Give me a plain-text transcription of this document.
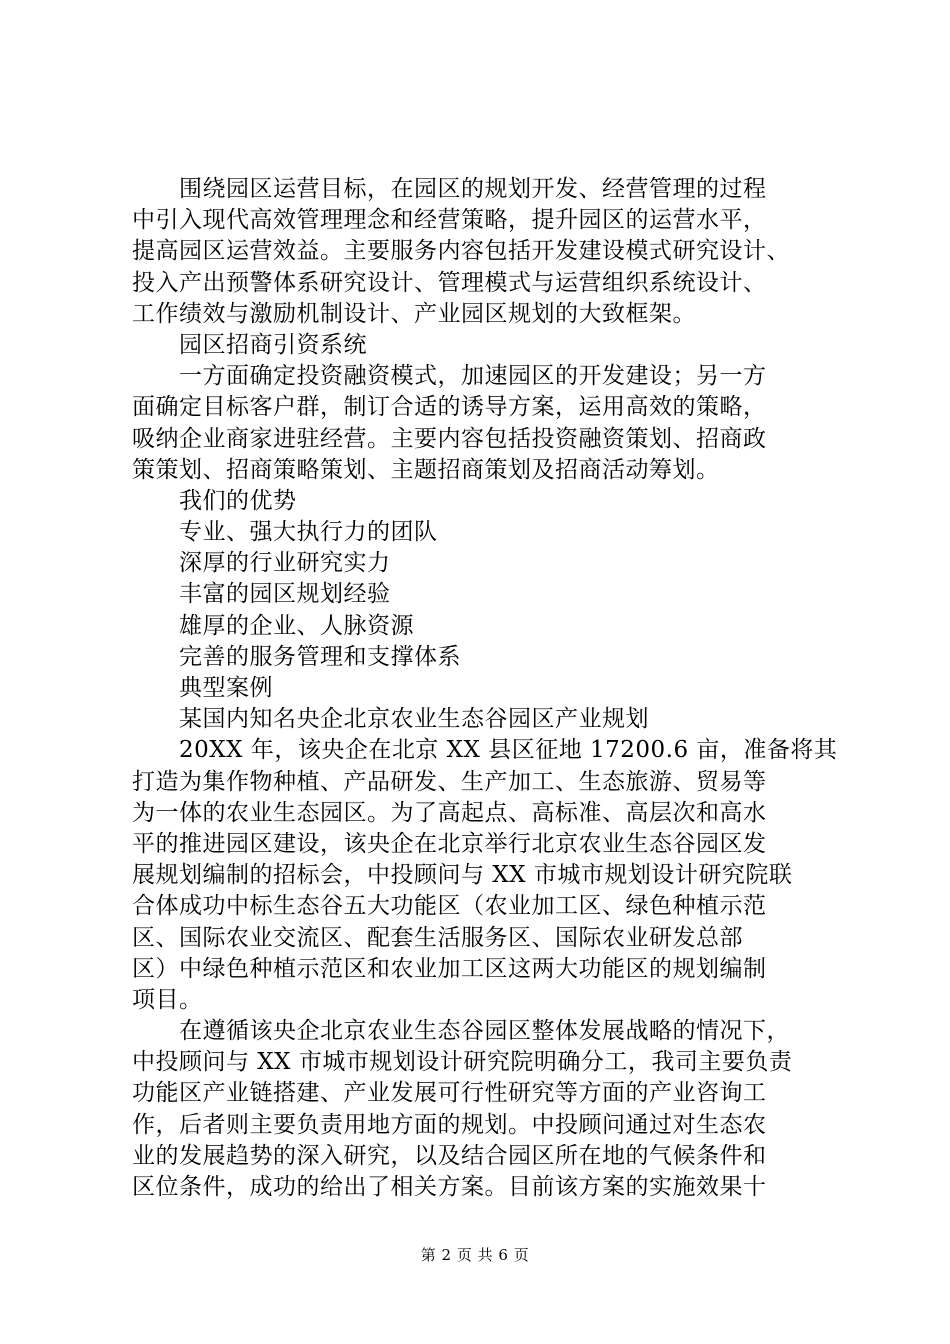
围绕园区运营目标，在园区的规划开发、经营管理的过程
中引入现代高效管理理念和经营策略，提升园区的运营水平，
提高园区运营效益。主要服务内容包括开发建设模式研究设计、
投入产出预警体系研究设计、管理模式与运营组织系统设计、
工作绩效与激励机制设计、产业园区规划的大致框架。
园区招商引资系统
一方面确定投资融资模式，加速园区的开发建设；另一方
面确定目标客户群，制订合适的诱导方案，运用高效的策略，
吸纳企业商家进驻经营。主要内容包括投资融资策划、招商政
策策划、招商策略策划、主题招商策划及招商活动筹划。
我们的优势
专业、强大执行力的团队
深厚的行业研究实力
丰富的园区规划经验
雄厚的企业、人脉资源
完善的服务管理和支撑体系
典型案例
某国内知名央企北京农业生态谷园区产业规划
20XX 年，该央企在北京 XX 县区征地 17200.6 亩，准备将其
打造为集作物种植、产品研发、生产加工、生态旅游、贸易等
为一体的农业生态园区。为了高起点、高标准、高层次和高水
平的推进园区建设，该央企在北京举行北京农业生态谷园区发
展规划编制的招标会，中投顾问与 XX 市城市规划设计研究院联
合体成功中标生态谷五大功能区（农业加工区、绿色种植示范
区、国际农业交流区、配套生活服务区、国际农业研发总部
区）中绿色种植示范区和农业加工区这两大功能区的规划编制
项目。
在遵循该央企北京农业生态谷园区整体发展战略的情况下，
中投顾问与 XX 市城市规划设计研究院明确分工，我司主要负责
功能区产业链搭建、产业发展可行性研究等方面的产业咨询工
作，后者则主要负责用地方面的规划。中投顾问通过对生态农
业的发展趋势的深入研究，以及结合园区所在地的气候条件和
区位条件，成功的给出了相关方案。目前该方案的实施效果十
第 2 页 共 6 页
